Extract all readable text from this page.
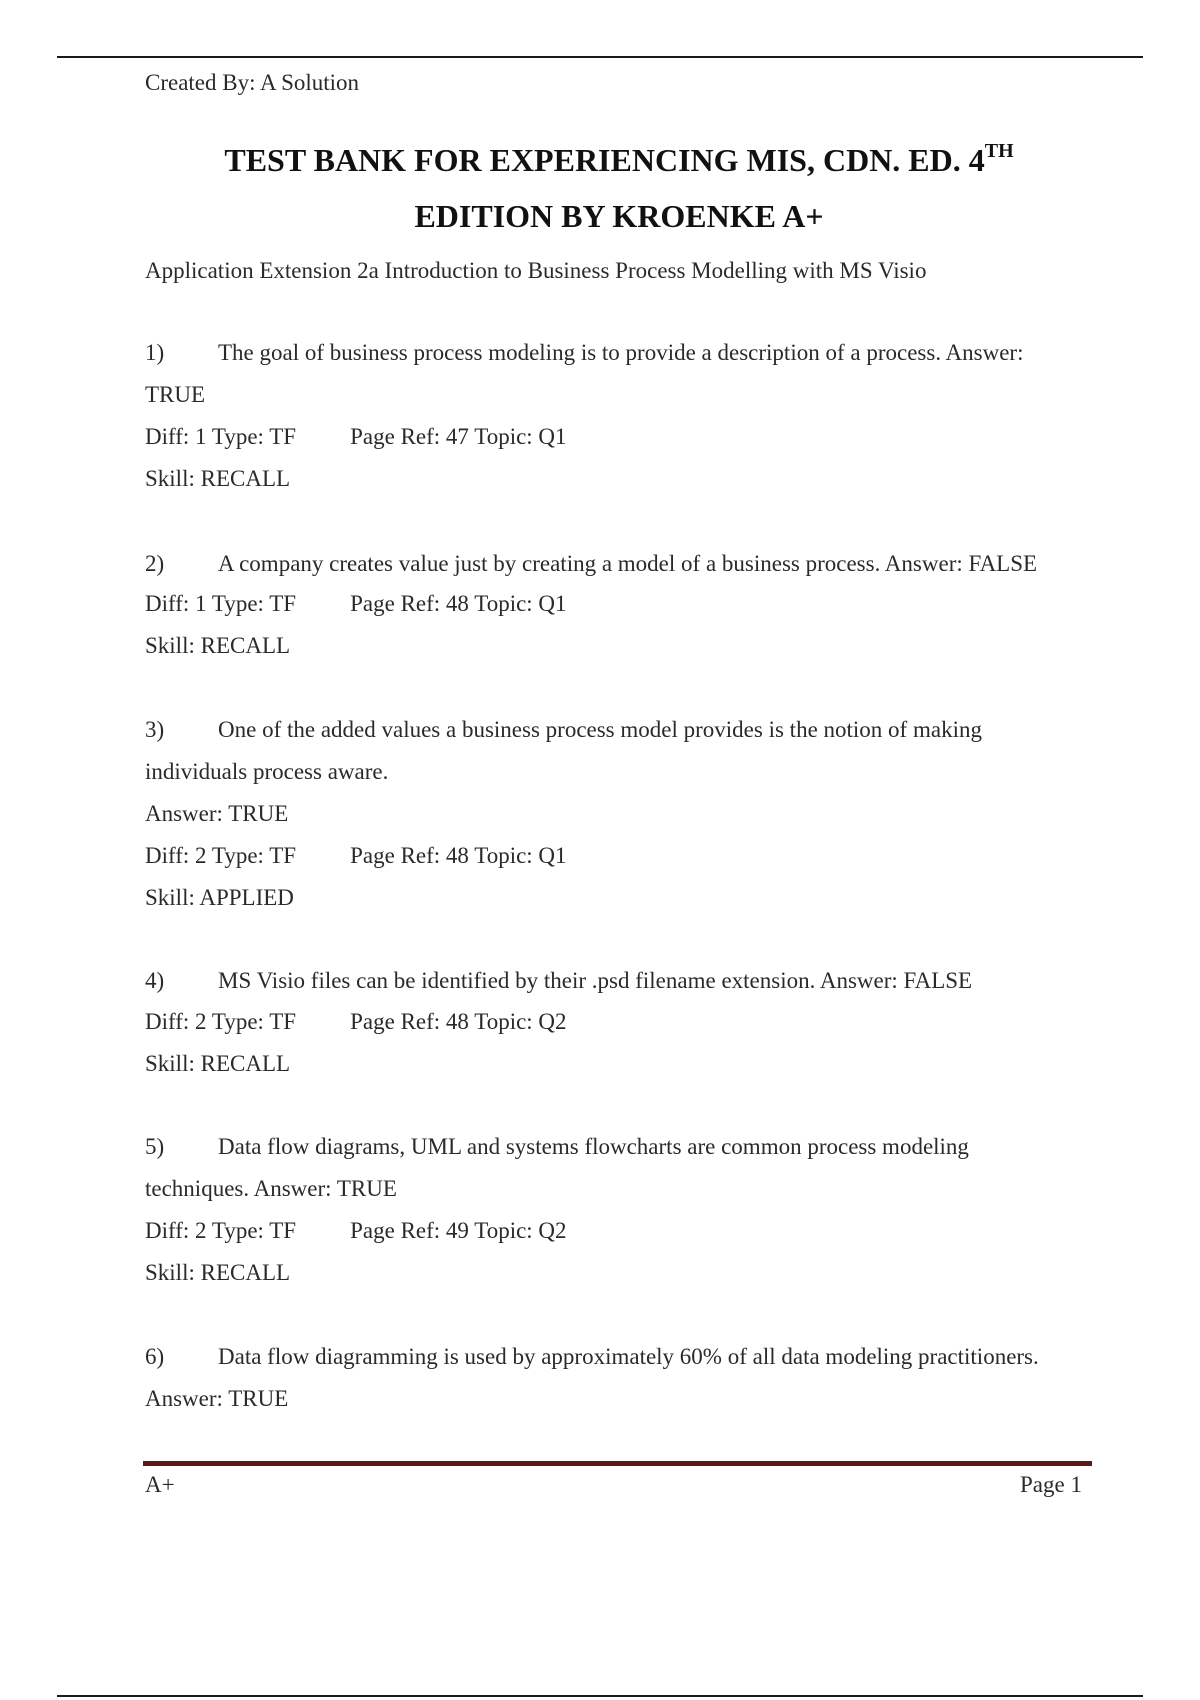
Created By: A Solution
TEST BANK FOR EXPERIENCING MIS, CDN. ED. 4TH
EDITION BY KROENKE A+
Application Extension 2a Introduction to Business Process Modelling with MS Visio
1) The goal of business process modeling is to provide a description of a process. Answer:
TRUE
Diff: 1 Type: TF Page Ref: 47 Topic: Q1
Skill: RECALL
2) A company creates value just by creating a model of a business process. Answer: FALSE
Diff: 1 Type: TF Page Ref: 48 Topic: Q1
Skill: RECALL
3) One of the added values a business process model provides is the notion of making
individuals process aware.
Answer: TRUE
Diff: 2 Type: TF Page Ref: 48 Topic: Q1
Skill: APPLIED
4) MS Visio files can be identified by their .psd filename extension. Answer: FALSE
Diff: 2 Type: TF Page Ref: 48 Topic: Q2
Skill: RECALL
5) Data flow diagrams, UML and systems flowcharts are common process modeling
techniques. Answer: TRUE
Diff: 2 Type: TF Page Ref: 49 Topic: Q2
Skill: RECALL
6) Data flow diagramming is used by approximately 60% of all data modeling practitioners.
Answer: TRUE
A+	Page 1
